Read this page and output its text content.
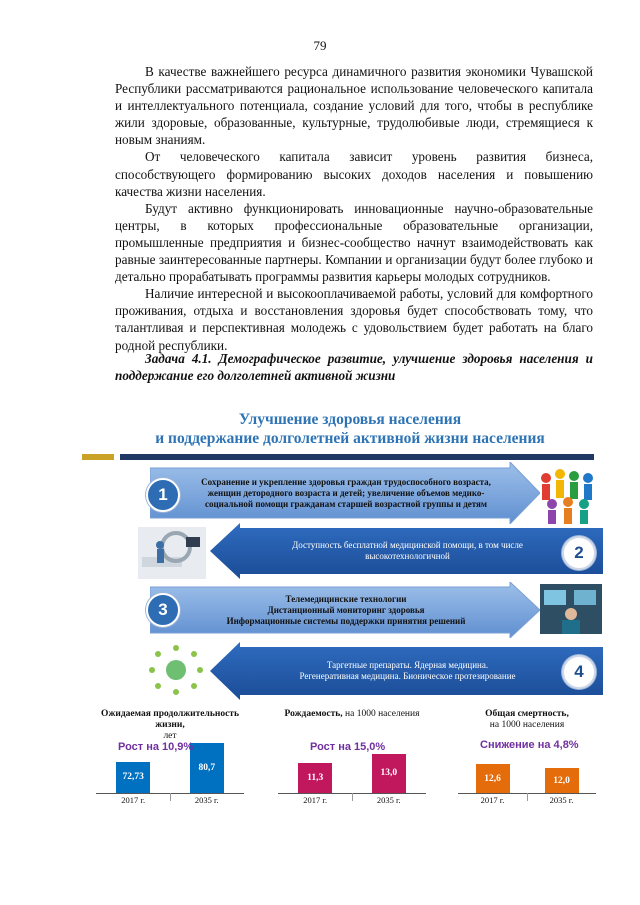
79

В качестве важнейшего ресурса динамичного развития экономики Чувашской Республики рассматриваются рациональное использование человеческого капитала и интеллектуального потенциала, создание условий для того, чтобы в республике жили здоровые, образованные, культурные, трудолюбивые люди, стремящиеся к новым знаниям.

От человеческого капитала зависит уровень развития бизнеса, способствующего формированию высоких доходов населения и повышению качества жизни населения.

Будут активно функционировать инновационные научно-образовательные центры, в которых профессиональные образовательные организации, промышленные предприятия и бизнес-сообщество начнут взаимодействовать как равные заинтересованные партнеры. Компании и организации будут более глубоко и детально прорабатывать программы развития карьеры молодых сотрудников.

Наличие интересной и высокооплачиваемой работы, условий для комфортного проживания, отдыха и восстановления здоровья будет способствовать тому, что талантливая и перспективная молодежь с удовольствием будет работать на благо родной республики.

Задача 4.1. Демографическое развитие, улучшение здоровья населения и поддержание его долголетней активной жизни
Улучшение здоровья населения
и поддержание долголетней активной жизни населения
Сохранение и укрепление здоровья граждан трудоспособного возраста, женщин детородного возраста и детей; увеличение объемов медико-социальной помощи гражданам старшей возрастной группы и детям
1
Доступность бесплатной медицинской помощи, в том числе высокотехнологичной	2
Телемедицинские технологии
Дистанционный мониторинг здоровья
Информационные системы поддержки принятия решений
3
Таргетные препараты. Ядерная медицина.
Регенеративная медицина. Бионическое протезирование	4
Ожидаемая продолжительность жизни,
лет
72,73
2017 г.
80,7
2035 г.
Рост на 10,9%
Рождаемость, на 1000 населения
11,3
2017 г.
13,0
2035 г.
Рост на 15,0%
Общая смертность,
на 1000 населения
12,6
2017 г.
12,0
2035 г.
Снижение на 4,8%
